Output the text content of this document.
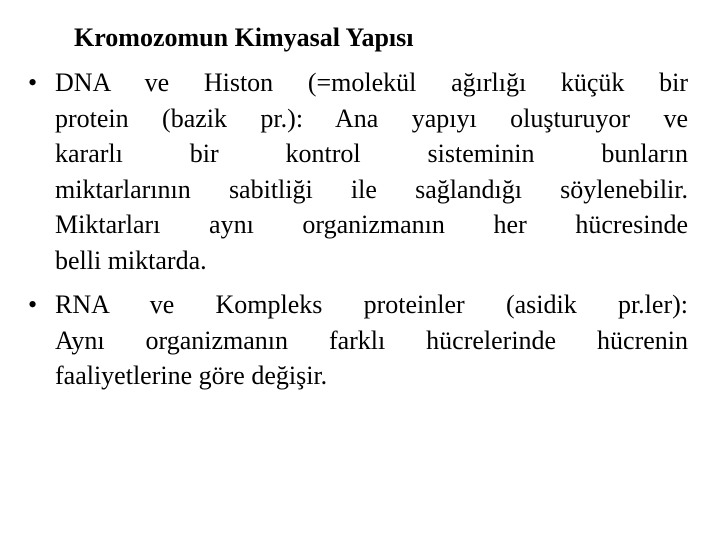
Kromozomun Kimyasal Yapısı
• DNA ve Histon (=molekül ağırlığı küçük bir
protein (bazik pr.): Ana yapıyı oluşturuyor ve
kararlı bir kontrol sisteminin bunların
miktarlarının sabitliği ile sağlandığı söylenebilir.
Miktarları aynı organizmanın her hücresinde
belli miktarda.
• RNA ve Kompleks proteinler (asidik pr.ler):
Aynı organizmanın farklı hücrelerinde hücrenin
faaliyetlerine göre değişir.
